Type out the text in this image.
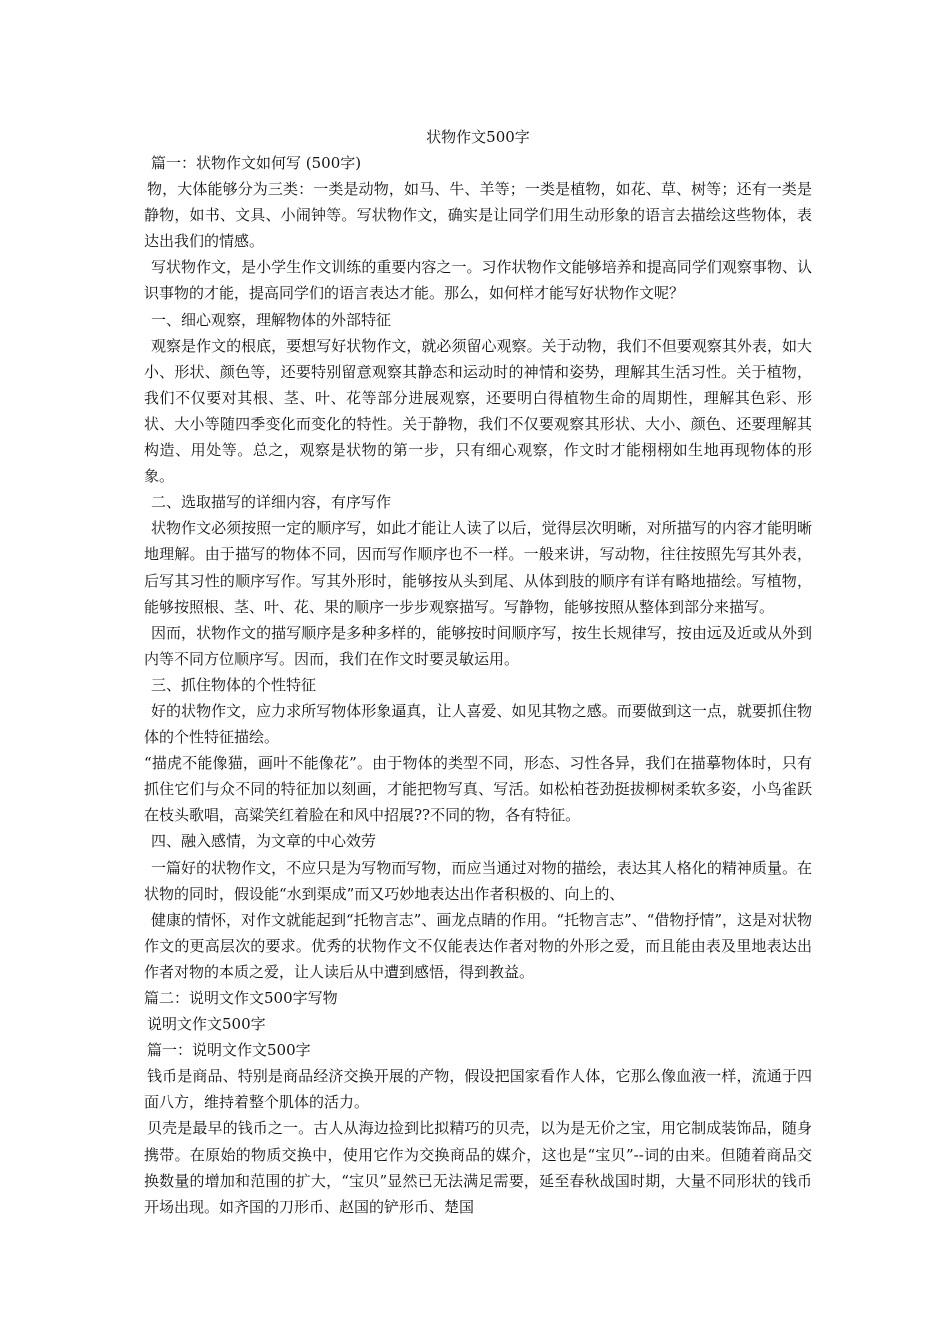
状物作文500字

篇一：状物作文如何写 (500字)

物，大体能够分为三类：一类是动物，如马、牛、羊等；一类是植物，如花、草、树等；还有一类是静物，如书、文具、小闹钟等。写状物作文，确实是让同学们用生动形象的语言去描绘这些物体，表达出我们的情感。

写状物作文，是小学生作文训练的重要内容之一。习作状物作文能够培养和提高同学们观察事物、认识事物的才能，提高同学们的语言表达才能。那么，如何样才能写好状物作文呢？

一、细心观察，理解物体的外部特征

观察是作文的根底，要想写好状物作文，就必须留心观察。关于动物，我们不但要观察其外表，如大小、形状、颜色等，还要特别留意观察其静态和运动时的神情和姿势，理解其生活习性。关于植物，我们不仅要对其根、茎、叶、花等部分进展观察，还要明白得植物生命的周期性，理解其色彩、形状、大小等随四季变化而变化的特性。关于静物，我们不仅要观察其形状、大小、颜色、还要理解其构造、用处等。总之，观察是状物的第一步，只有细心观察，作文时才能栩栩如生地再现物体的形象。

二、选取描写的详细内容，有序写作

状物作文必须按照一定的顺序写，如此才能让人读了以后，觉得层次明晰，对所描写的内容才能明晰地理解。由于描写的物体不同，因而写作顺序也不一样。一般来讲，写动物，往往按照先写其外表，后写其习性的顺序写作。写其外形时，能够按从头到尾、从体到肢的顺序有详有略地描绘。写植物，能够按照根、茎、叶、花、果的顺序一步步观察描写。写静物，能够按照从整体到部分来描写。

因而，状物作文的描写顺序是多种多样的，能够按时间顺序写，按生长规律写，按由远及近或从外到内等不同方位顺序写。因而，我们在作文时要灵敏运用。

三、抓住物体的个性特征

好的状物作文，应力求所写物体形象逼真，让人喜爱、如见其物之感。而要做到这一点，就要抓住物体的个性特征描绘。

“描虎不能像猫，画叶不能像花”。由于物体的类型不同，形态、习性各异，我们在描摹物体时，只有抓住它们与众不同的特征加以刻画，才能把物写真、写活。如松柏苍劲挺拔柳树柔软多姿，小鸟雀跃在枝头歌唱，高粱笑红着脸在和风中招展??不同的物，各有特征。

四、融入感情，为文章的中心效劳

一篇好的状物作文，不应只是为写物而写物，而应当通过对物的描绘，表达其人格化的精神质量。在状物的同时，假设能“水到渠成”而又巧妙地表达出作者积极的、向上的、

健康的情怀，对作文就能起到“托物言志”、画龙点睛的作用。“托物言志”、“借物抒情”，这是对状物作文的更高层次的要求。优秀的状物作文不仅能表达作者对物的外形之爱，而且能由表及里地表达出作者对物的本质之爱，让人读后从中遭到感悟，得到教益。

篇二：说明文作文500字写物

说明文作文500字

篇一：说明文作文500字

钱币是商品、特别是商品经济交换开展的产物，假设把国家看作人体，它那么像血液一样，流通于四面八方，维持着整个肌体的活力。

贝壳是最早的钱币之一。古人从海边捡到比拟精巧的贝壳，以为是无价之宝，用它制成装饰品，随身携带。在原始的物质交换中，使用它作为交换商品的媒介，这也是“宝贝”--词的由来。但随着商品交换数量的增加和范围的扩大，“宝贝”显然已无法满足需要，延至春秋战国时期，大量不同形状的钱币开场出现。如齐国的刀形币、赵国的铲形币、楚国
